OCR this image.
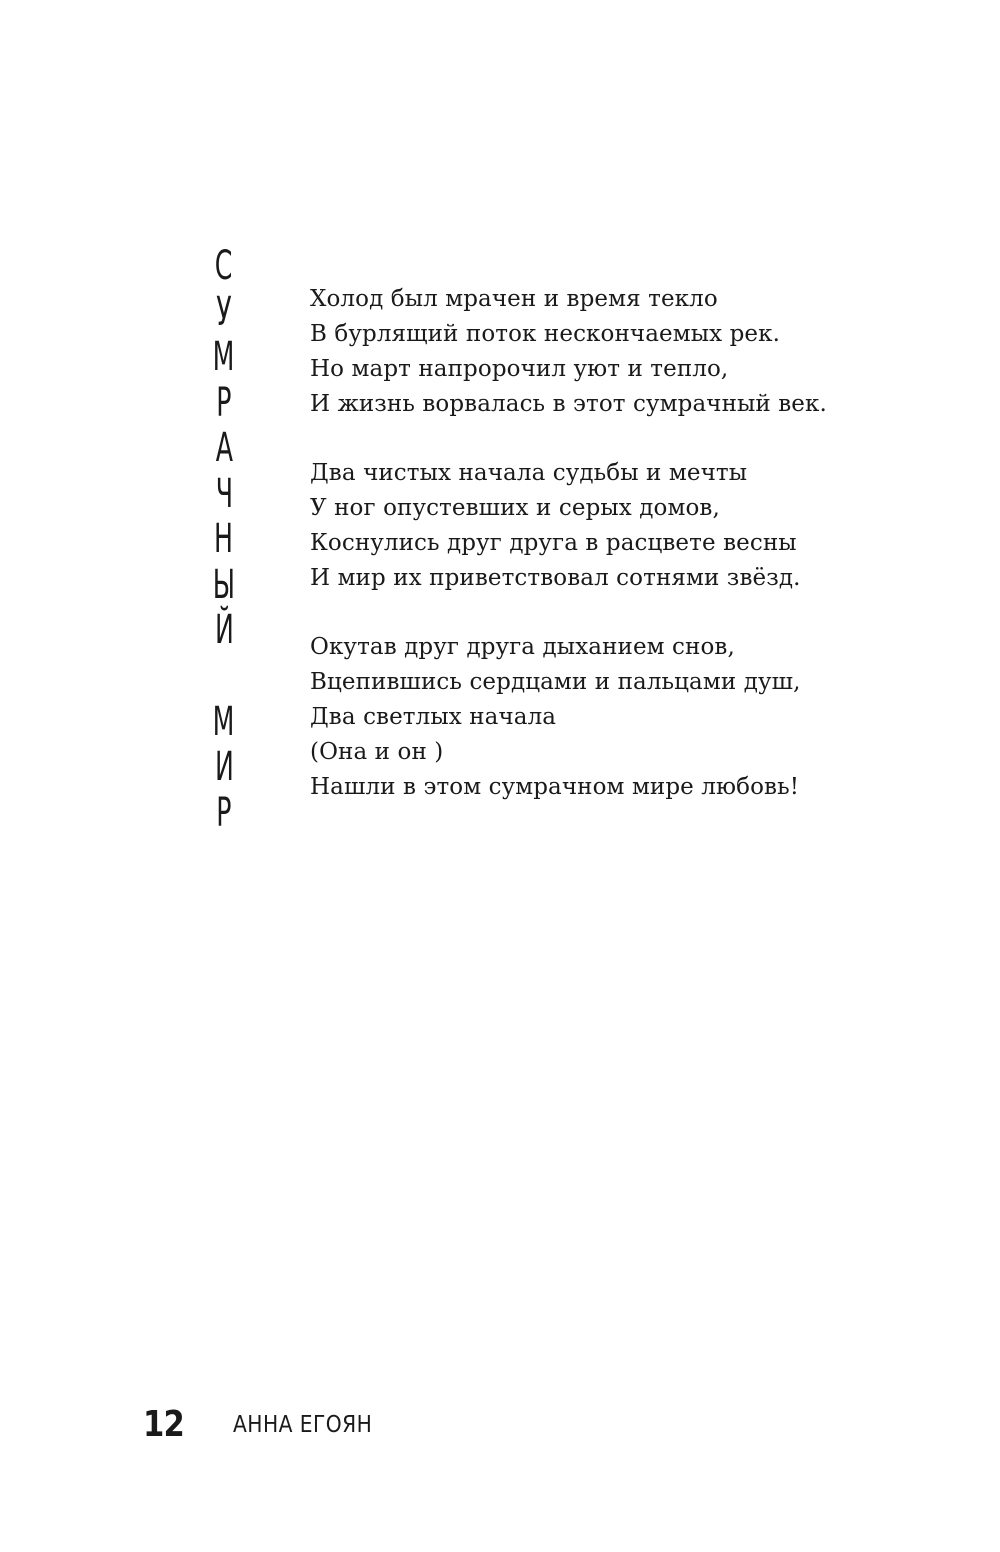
С
У
М
Р
А
Ч
Н
Ы
Й
М
И
Р
Холод был мрачен и время текло
В бурлящий поток нескончаемых рек.
Но март напророчил уют и тепло,
И жизнь ворвалась в этот сумрачный век.
Два чистых начала судьбы и мечты
У ног опустевших и серых домов,
Коснулись друг друга в расцвете весны
И мир их приветствовал сотнями звёзд.
Окутав друг друга дыханием снов,
Вцепившись сердцами и пальцами душ,
Два светлых начала
(Она и он )
Нашли в этом сумрачном мире любовь!
12 АННА ЕГОЯН
